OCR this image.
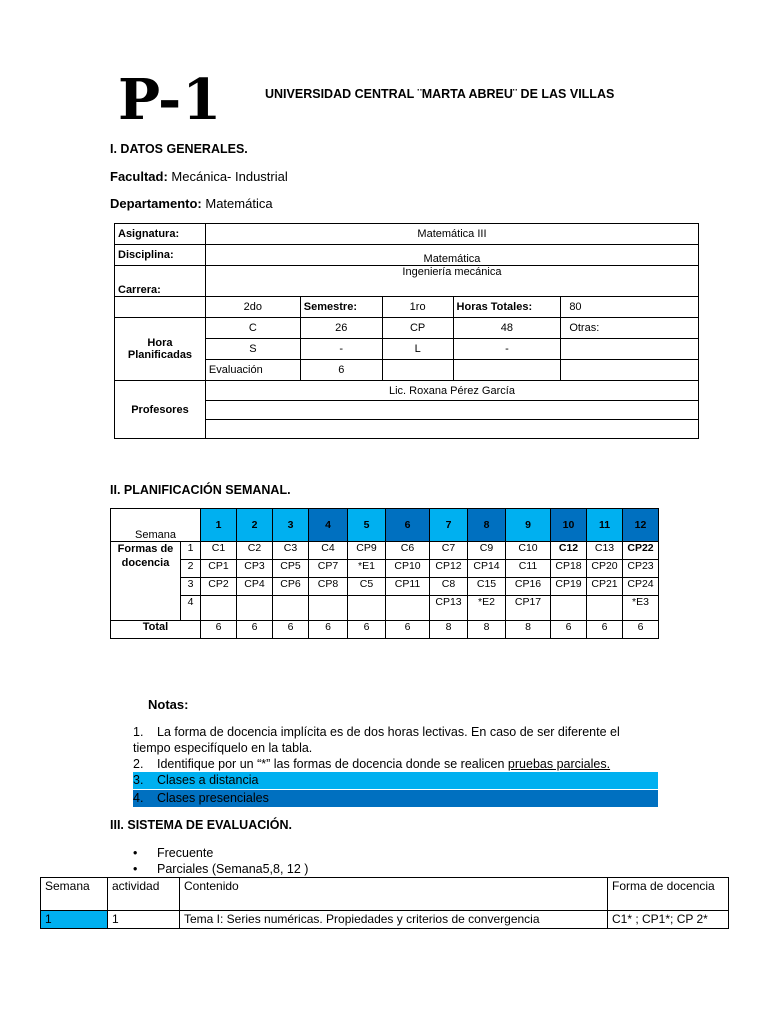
P-1	UNIVERSIDAD CENTRAL ¨MARTA ABREU¨ DE LAS VILLAS
I. DATOS GENERALES.
Facultad: Mecánica- Industrial
Departamento: Matemática
Asignatura:	Matemática III				
Disciplina:	Matemática				
Carrera:	Ingeniería mecánica				
	2do	Semestre:	1ro	Horas Totales:	80
Hora Planificadas	C	26	CP	48	Otras:
	S	-	L	-	
	Evaluación	6			
Profesores	Lic. Roxana Pérez García				

II. PLANIFICACIÓN SEMANAL.
Semana		1	2	3	4	5	6	7	8	9	10	11	12
Formas de docencia	1	C1	C2	C3	C4	CP9	C6	C7	C9	C10	C12	C13	CP22
	2	CP1	CP3	CP5	CP7	*E1	CP10	CP12	CP14	C11	CP18	CP20	CP23
	3	CP2	CP4	CP6	CP8	C5	CP11	C8	C15	CP16	CP19	CP21	CP24
	4							CP13	*E2	CP17			*E3
Total		6	6	6	6	6	6	8	8	8	6	6	6
Notas:
1. La forma de docencia implícita es de dos horas lectivas. En caso de ser diferente el tiempo especifíquelo en la tabla.
2. Identifique por un “*” las formas de docencia donde se realicen pruebas parciales.
3. Clases a distancia
4. Clases presenciales
III. SISTEMA DE EVALUACIÓN.
• Frecuente
• Parciales (Semana5,8, 12 )
Semana	actividad	Contenido	Forma de docencia
1	1	Tema I: Series numéricas. Propiedades y criterios de convergencia	C1* ; CP1*; CP 2*
